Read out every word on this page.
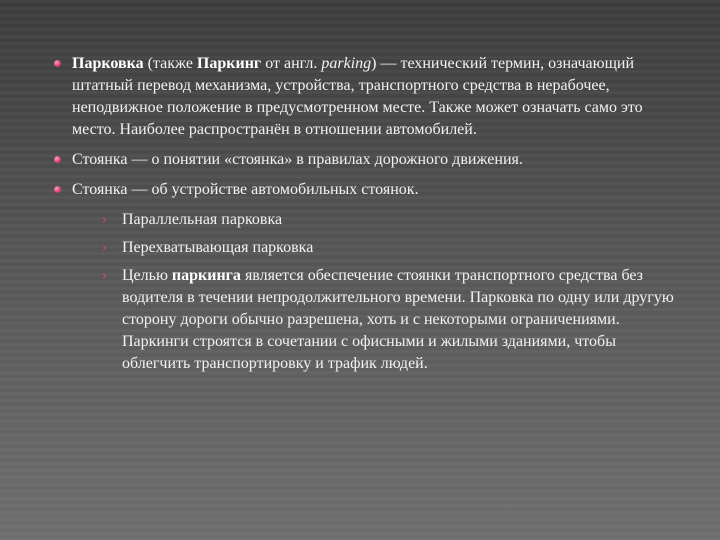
Парковка (также Паркинг от англ. parking) — технический термин, означающий штатный перевод механизма, устройства, транспортного средства в нерабочее, неподвижное положение в предусмотренном месте. Также может означать само это место. Наиболее распространён в отношении автомобилей.
Стоянка — о понятии «стоянка» в правилах дорожного движения.
Стоянка — об устройстве автомобильных стоянок.
› Параллельная парковка
› Перехватывающая парковка
› Целью паркинга является обеспечение стоянки транспортного средства без водителя в течении непродолжительного времени. Парковка по одну или другую сторону дороги обычно разрешена, хоть и с некоторыми ограничениями. Паркинги строятся в сочетании с офисными и жилыми зданиями, чтобы облегчить транспортировку и трафик людей.
